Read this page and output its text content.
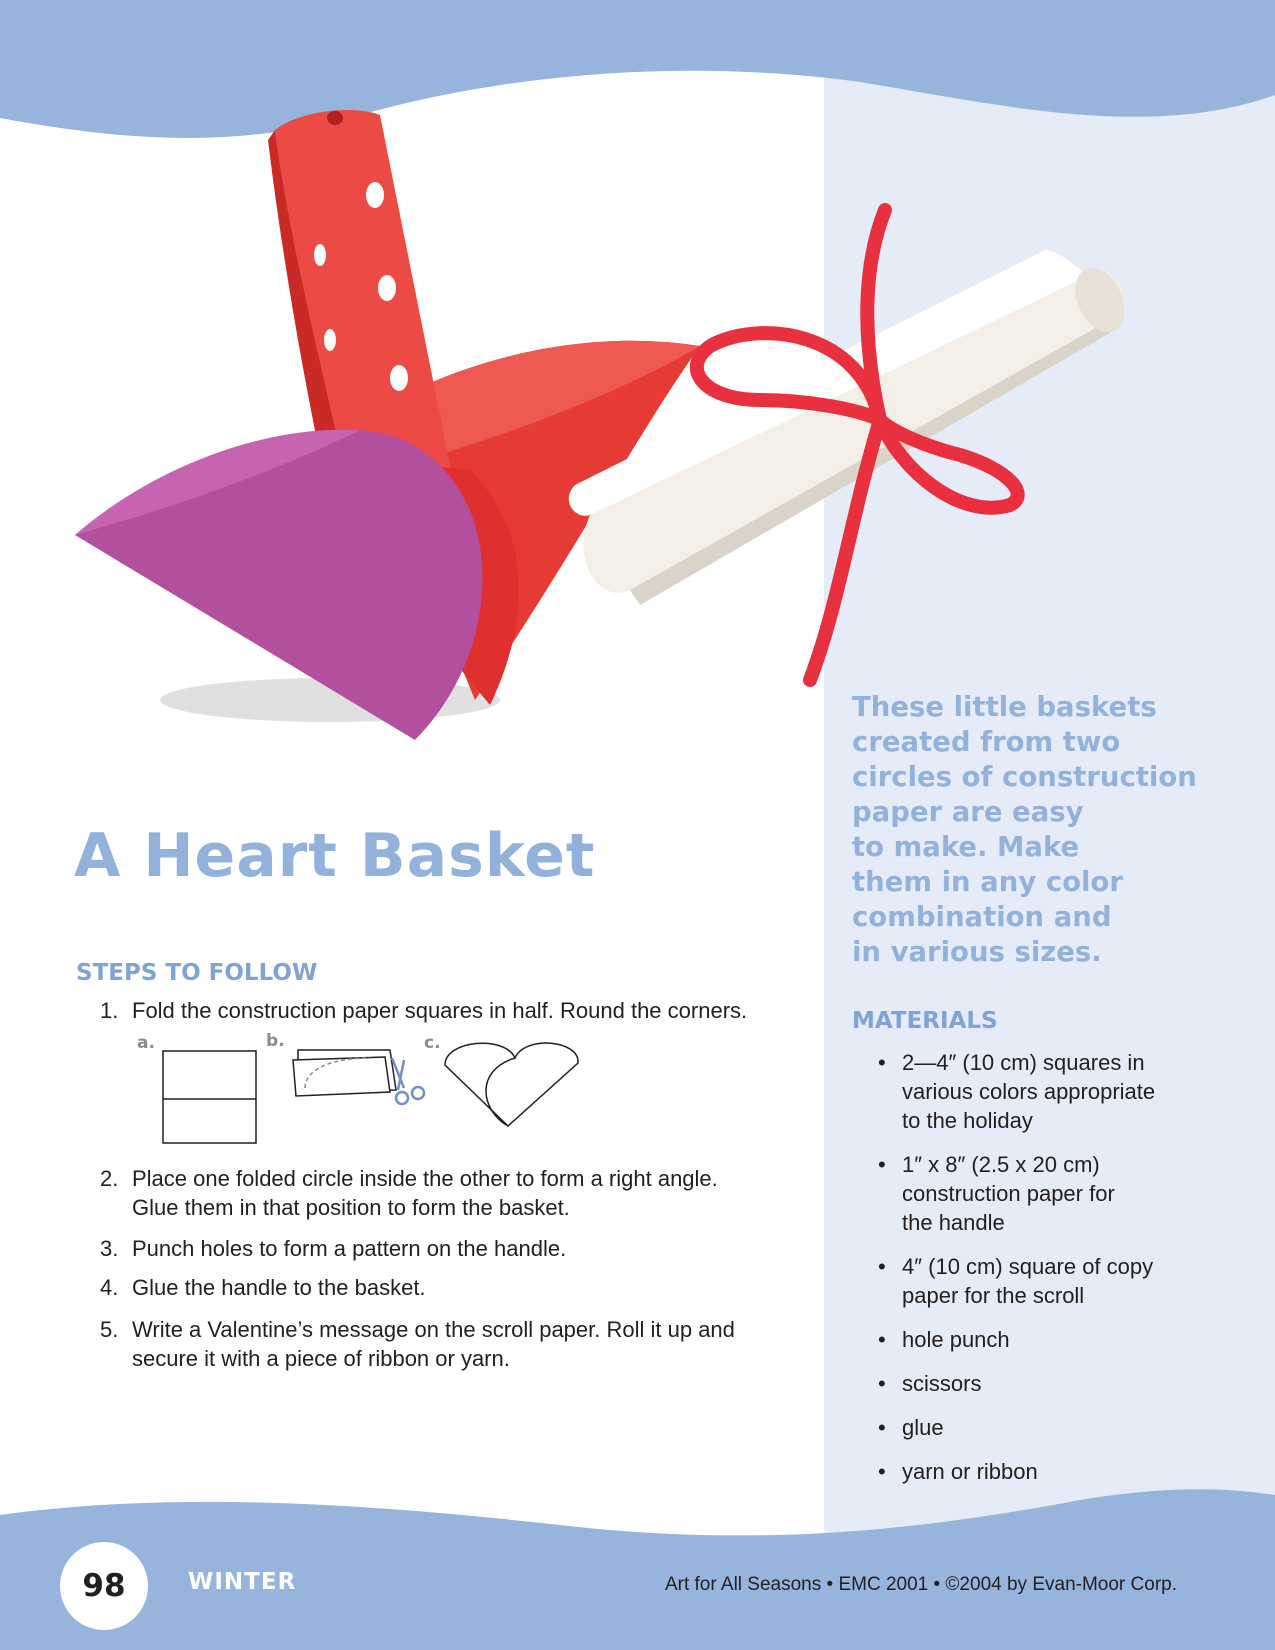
A Heart Basket
These little baskets
created from two
circles of construction
paper are easy
to make. Make
them in any color
combination and
in various sizes.
STEPS TO FOLLOW
1. Fold the construction paper squares in half. Round the corners.
a.	b.	c.
2. Place one folded circle inside the other to form a right angle.
Glue them in that position to form the basket.
3. Punch holes to form a pattern on the handle.
4. Glue the handle to the basket.
5. Write a Valentine’s message on the scroll paper. Roll it up and
secure it with a piece of ribbon or yarn.
MATERIALS
• 2—4″ (10 cm) squares in
various colors appropriate
to the holiday
• 1″ x 8″ (2.5 x 20 cm)
construction paper for
the handle
• 4″ (10 cm) square of copy
paper for the scroll
• hole punch
• scissors
• glue
• yarn or ribbon
98	WINTER	Art for All Seasons • EMC 2001 • ©2004 by Evan-Moor Corp.
